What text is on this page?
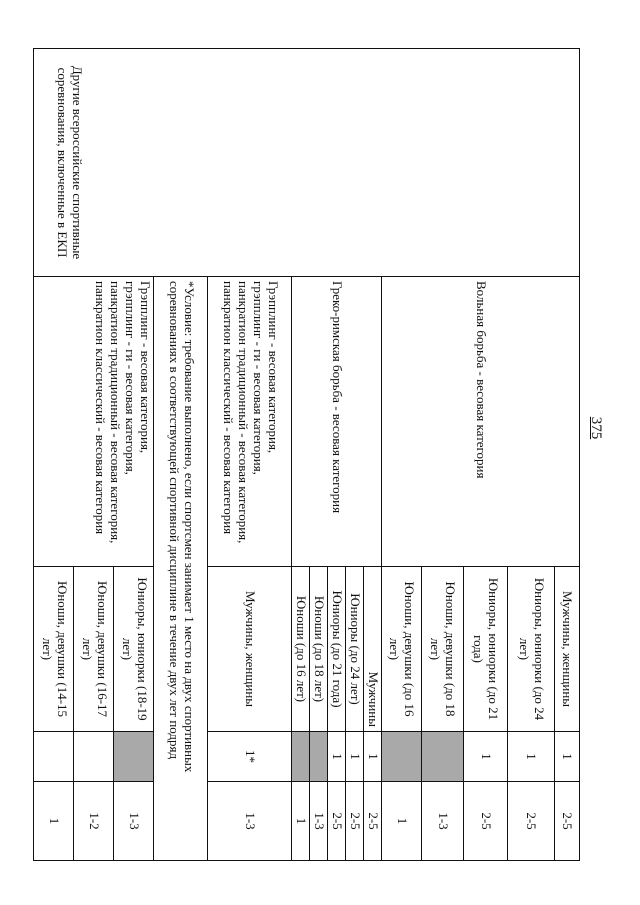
375
Другие всероссийские спортивные соревнования, включенные в ЕКП	Вольная борьба - весовая категория	Мужчины, женщины	1	2-5
		Юниоры, юниорки (до 24 лет)	1	2-5
		Юниоры, юниорки (до 21 года)	1	2-5
		Юноши, девушки (до 18 лет)		1-3
		Юноши, девушки (до 16 лет)		1
	Греко-римская борьба - весовая категория	Мужчины	1	2-5
		Юниоры (до 24 лет)	1	2-5
		Юниоры (до 21 года)	1	2-5
		Юноши (до 18 лет)		1-3
		Юноши (до 16 лет)		1

	Грэпплинг - весовая категория,
грэпплинг - ги - весовая категория,
панкратион традиционный - весовая категория,
панкратион классический - весовая категория	Мужчины, женщины	1*	1-3
	*Условие: требование выполнено, если спортсмен занимает 1 место на двух спортивных соревнованиях в соответствующей спортивной дисциплине в течение двух лет подряд			

	Грэпплинг - весовая категория,
грэпплинг - ги - весовая категория,
панкратион традиционный - весовая категория,
панкратион классический - весовая категория	Юниоры, юниорки (18-19 лет)		1-3
		Юноши, девушки (16-17 лет)		1-2
		Юноши, девушки (14-15 лет)		1
